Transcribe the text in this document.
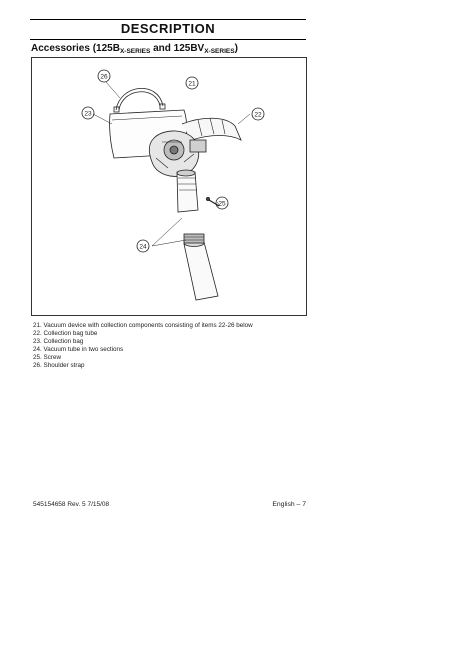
DESCRIPTION
Accessories ($125B_{X-SERIES}$ and $125BV_{X-SERIES}$)
26
21
23	22
25
24
21. Vacuum device with collection components consisting of items 22-26 below
22. Collection bag tube
23. Collection bag
24. Vacuum tube in two sections
25. Screw
26. Shoulder strap
545154658 Rev. 5 7/15/08	English – 7
